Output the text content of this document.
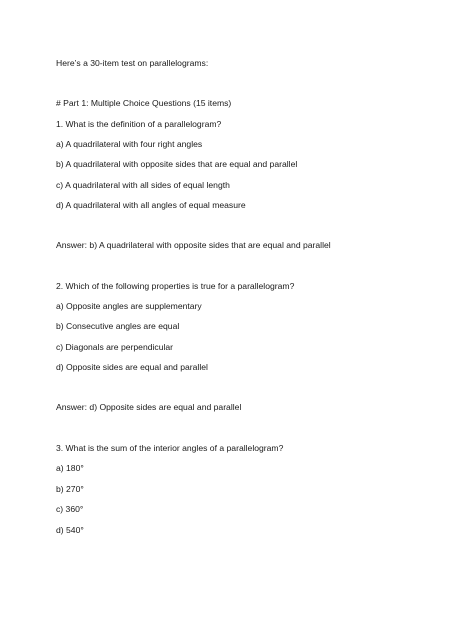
Here’s a 30-item test on parallelograms:
# Part 1: Multiple Choice Questions (15 items)
1. What is the definition of a parallelogram?
a) A quadrilateral with four right angles
b) A quadrilateral with opposite sides that are equal and parallel
c) A quadrilateral with all sides of equal length
d) A quadrilateral with all angles of equal measure
Answer: b) A quadrilateral with opposite sides that are equal and parallel
2. Which of the following properties is true for a parallelogram?
a) Opposite angles are supplementary
b) Consecutive angles are equal
c) Diagonals are perpendicular
d) Opposite sides are equal and parallel
Answer: d) Opposite sides are equal and parallel
3. What is the sum of the interior angles of a parallelogram?
a) 180°
b) 270°
c) 360°
d) 540°
